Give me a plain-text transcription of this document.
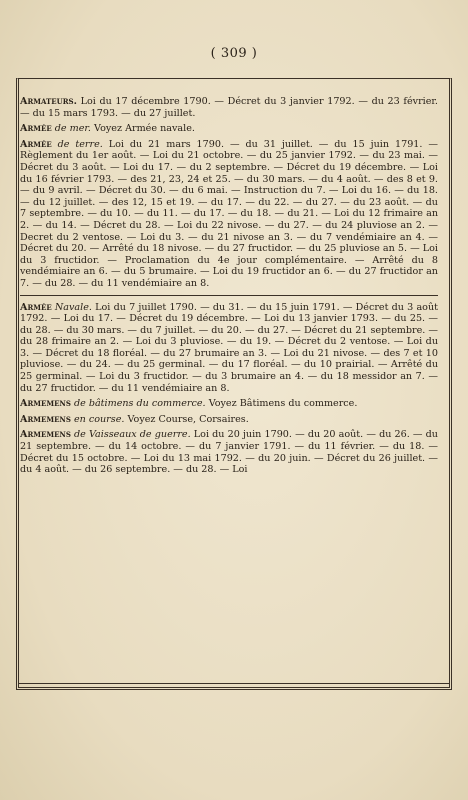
( 309 )

Armateurs. Loi du 17 décembre 1790. — Décret du 3 janvier 1792. — du 23 février. — du 15 mars 1793. — du 27 juillet.

Armée de mer. Voyez Armée navale.

Armée de terre. Loi du 21 mars 1790. — du 31 juillet. — du 15 juin 1791. — Règlement du 1er août. — Loi du 21 octobre. — du 25 janvier 1792. — du 23 mai. — Décret du 3 août. — Loi du 17. — du 2 septembre. — Décret du 19 décembre. — Loi du 16 février 1793. — des 21, 23, 24 et 25. — du 30 mars. — du 4 août. — des 8 et 9. — du 9 avril. — Décret du 30. — du 6 mai. — Instruction du 7. — Loi du 16. — du 18. — du 12 juillet. — des 12, 15 et 19. — du 17. — du 22. — du 27. — du 23 août. — du 7 septembre. — du 10. — du 11. — du 17. — du 18. — du 21. — Loi du 12 frimaire an 2. — du 14. — Décret du 28. — Loi du 22 nivose. — du 27. — du 24 pluviose an 2. — Decret du 2 ventose. — Loi du 3. — du 21 nivose an 3. — du 7 vendémiaire an 4. — Décret du 20. — Arrêté du 18 nivose. — du 27 fructidor. — du 25 pluviose an 5. — Loi du 3 fructidor. — Proclamation du 4e jour complémentaire. — Arrêté du 8 vendémiaire an 6. — du 5 brumaire. — Loi du 19 fructidor an 6. — du 27 fructidor an 7. — du 28. — du 11 vendémiaire an 8.

Armée Navale. Loi du 7 juillet 1790. — du 31. — du 15 juin 1791. — Décret du 3 août 1792. — Loi du 17. — Décret du 19 décembre. — Loi du 13 janvier 1793. — du 25. — du 28. — du 30 mars. — du 7 juillet. — du 20. — du 27. — Décret du 21 septembre. — du 28 frimaire an 2. — Loi du 3 pluviose. — du 19. — Décret du 2 ventose. — Loi du 3. — Décret du 18 floréal. — du 27 brumaire an 3. — Loi du 21 nivose. — des 7 et 10 pluviose. — du 24. — du 25 germinal. — du 17 floréal. — du 10 prairial. — Arrêté du 25 germinal. — Loi du 3 fructidor. — du 3 brumaire an 4. — du 18 messidor an 7. — du 27 fructidor. — du 11 vendémiaire an 8.

Armemens de bâtimens du commerce. Voyez Bâtimens du commerce.

Armemens en course. Voyez Course, Corsaires.

Armemens de Vaisseaux de guerre. Loi du 20 juin 1790. — du 20 août. — du 26. — du 21 septembre. — du 14 octobre. — du 7 janvier 1791. — du 11 février. — du 18. — Décret du 15 octobre. — Loi du 13 mai 1792. — du 20 juin. — Décret du 26 juillet. — du 4 août. — du 26 septembre. — du 28. — Loi
